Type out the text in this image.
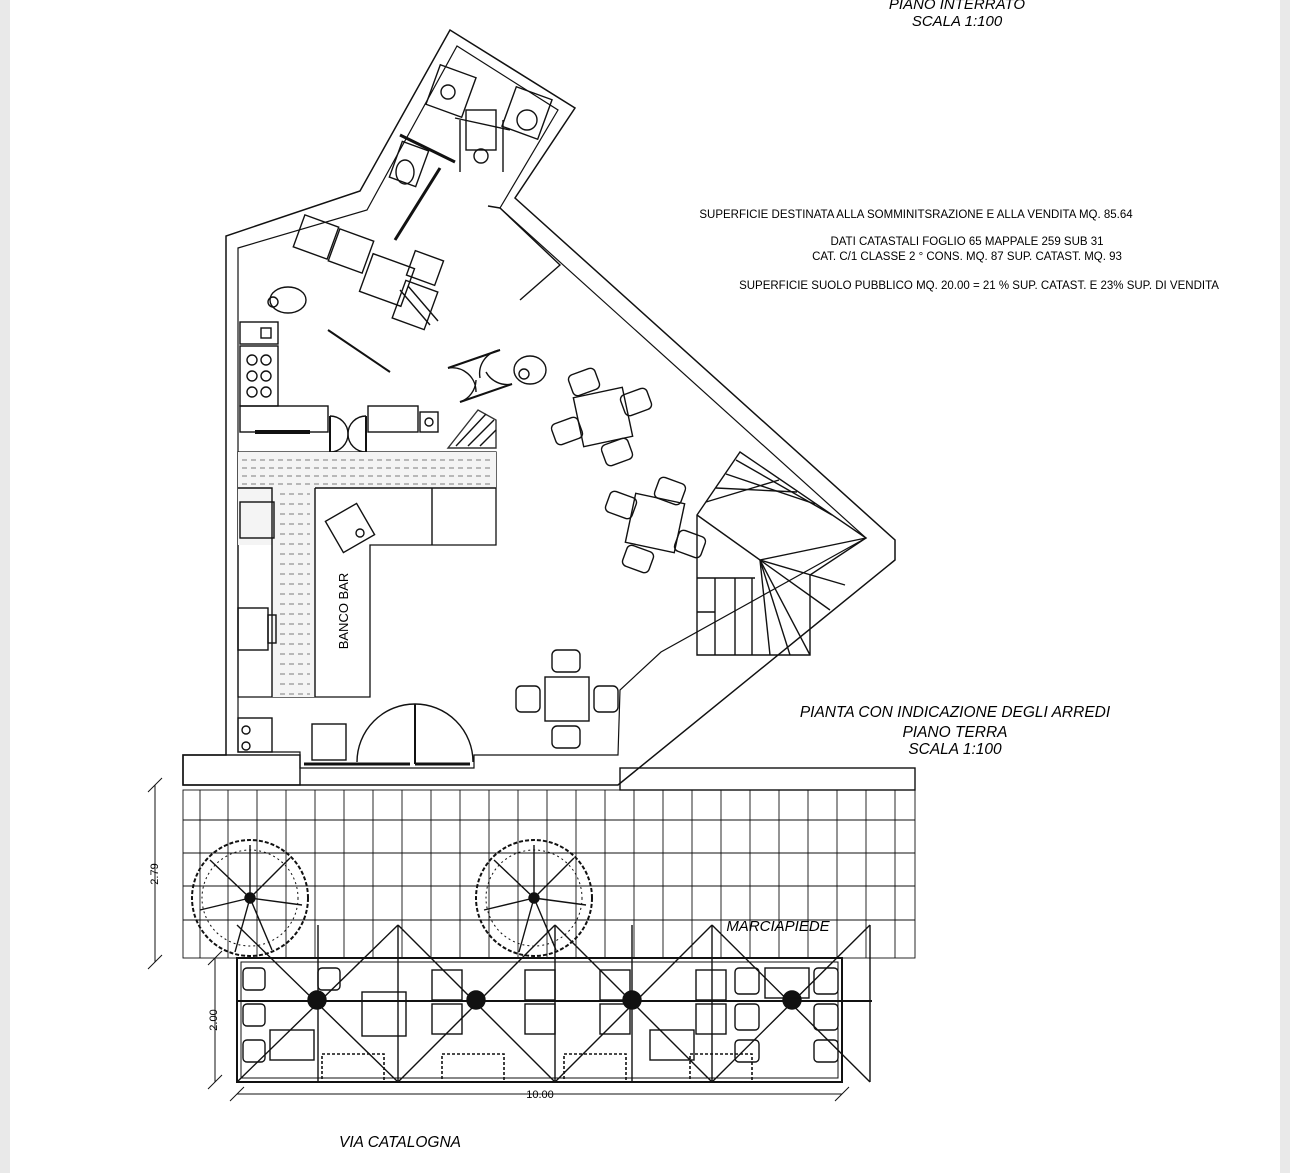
PIANO INTERRATO
SCALA 1:100
SUPERFICIE DESTINATA ALLA SOMMINITSRAZIONE E ALLA VENDITA MQ. 85.64
DATI CATASTALI FOGLIO 65 MAPPALE 259 SUB 31
CAT. C/1 CLASSE 2 ° CONS. MQ. 87 SUP. CATAST. MQ. 93
SUPERFICIE SUOLO PUBBLICO MQ. 20.00 = 21 % SUP. CATAST. E 23% SUP. DI VENDITA
PIANTA CON INDICAZIONE DEGLI ARREDI
PIANO TERRA
SCALA 1:100
BANCO BAR
MARCIAPIEDE
VIA CATALOGNA
2.79
2.00
10.00
